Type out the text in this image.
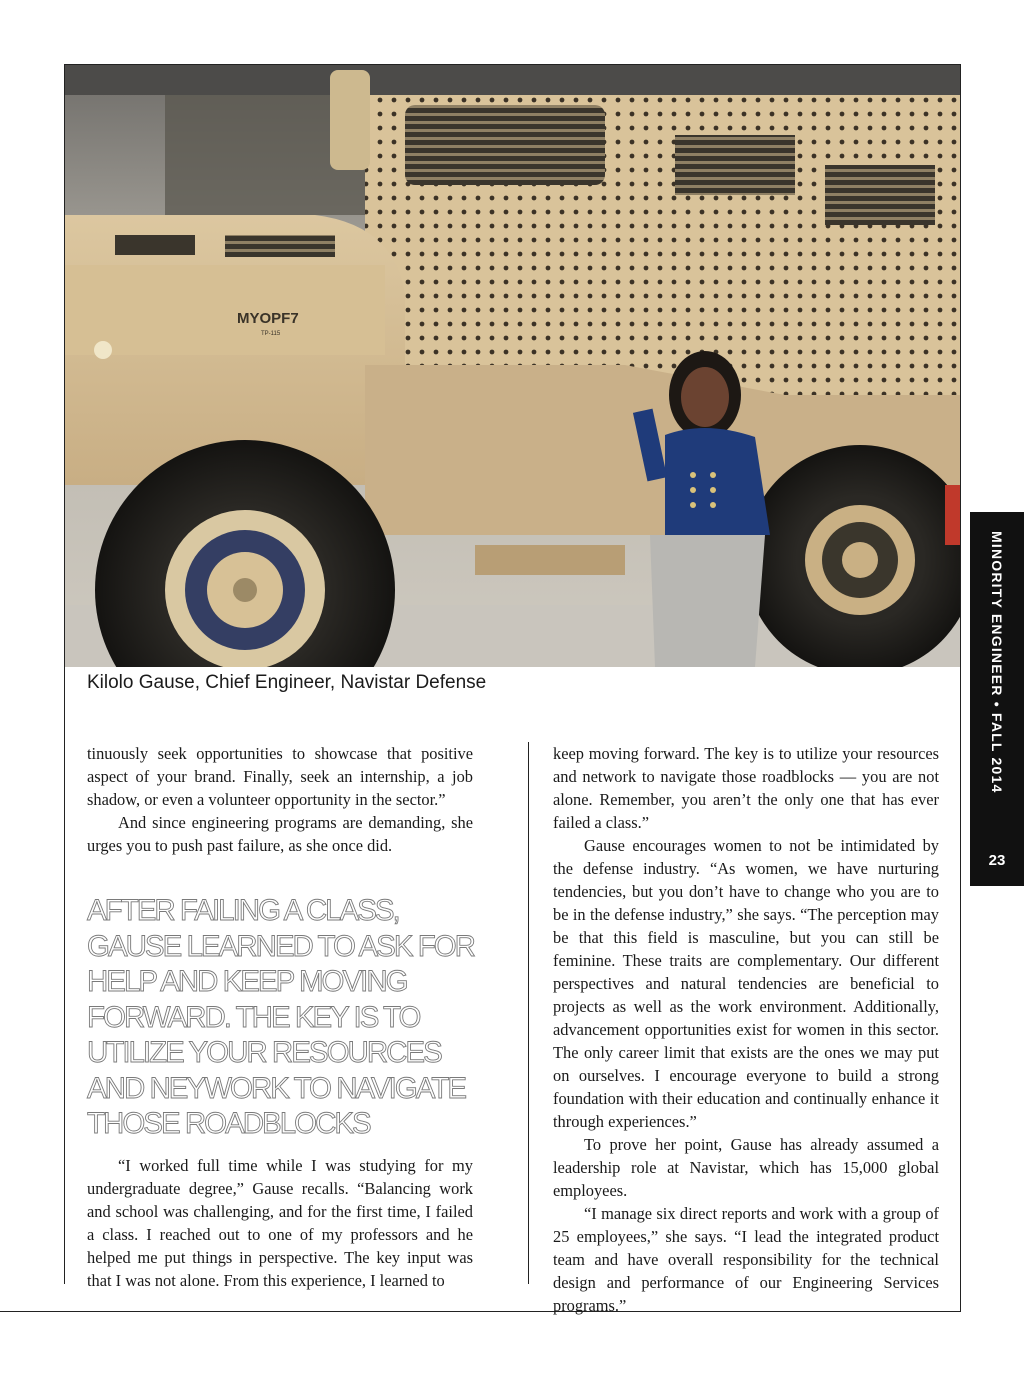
MYOPF7
TP-115
Kilolo Gause, Chief Engineer, Navistar Defense

tinuously seek opportunities to showcase that positive aspect of your brand. Finally, seek an internship, a job shadow, or even a volunteer opportunity in the sector.”

And since engineering programs are demanding, she urges you to push past failure, as she once did.

AFTER FAILING A CLASS, GAUSE LEARNED TO ASK FOR HELP AND KEEP MOVING FORWARD. THE KEY IS TO UTILIZE YOUR RESOURCES AND NEYWORK TO NAVIGATE THOSE ROADBLOCKS

“I worked full time while I was studying for my undergraduate degree,” Gause recalls. “Balancing work and school was challenging, and for the first time, I failed a class. I reached out to one of my professors and he helped me put things in perspective. The key input was that I was not alone. From this experience, I learned to

keep moving forward. The key is to utilize your resources and network to navigate those roadblocks — you are not alone. Remember, you aren’t the only one that has ever failed a class.”

Gause encourages women to not be intimidated by the defense industry. “As women, we have nurturing tendencies, but you don’t have to change who you are to be in the defense industry,” she says. “The perception may be that this field is masculine, but you can still be feminine. These traits are complementary. Our different perspectives and natural tendencies are beneficial to projects as well as the work environment. Additionally, advancement opportunities exist for women in this sector. The only career limit that exists are the ones we may put on ourselves. I encourage everyone to build a strong foundation with their education and continually enhance it through experiences.”

To prove her point, Gause has already assumed a leadership role at Navistar, which has 15,000 global employees.

“I manage six direct reports and work with a group of 25 employees,” she says. “I lead the integrated product team and have overall responsibility for the technical design and performance of our Engineering Services programs.”

MINORITY ENGINEER • FALL 2014
23
